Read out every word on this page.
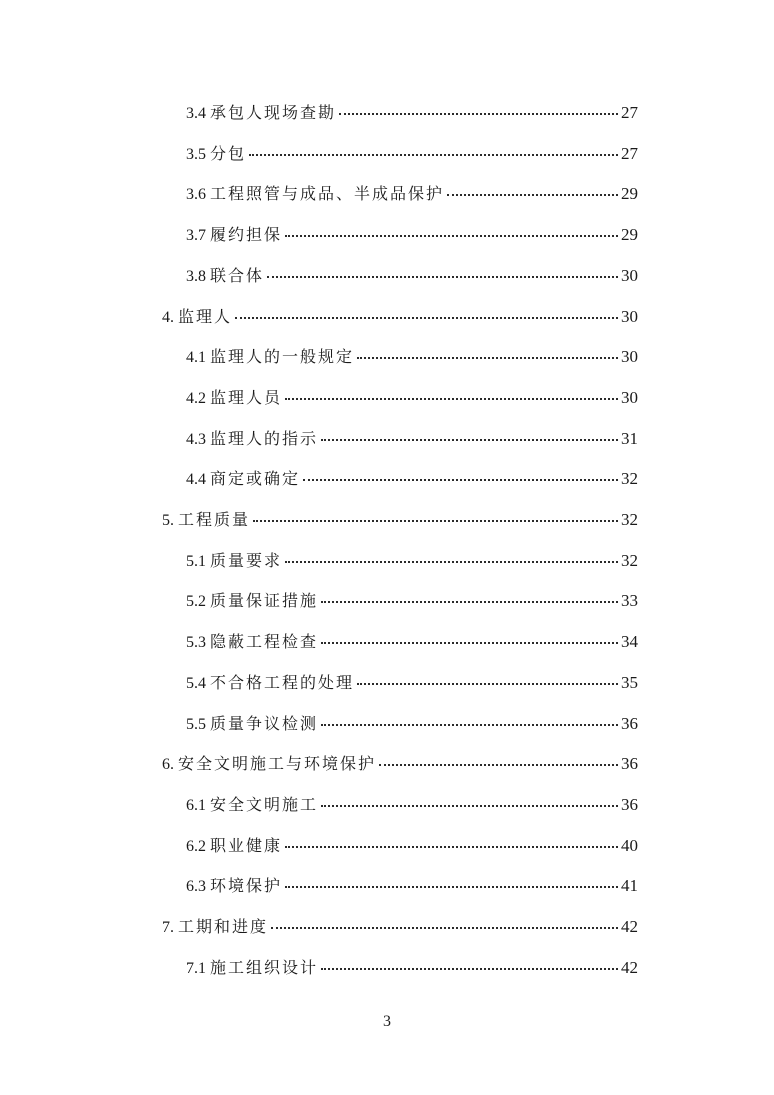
3.4 承包人现场查勘	27
3.5 分包	27
3.6 工程照管与成品、半成品保护	29
3.7 履约担保	29
3.8 联合体	30
4. 监理人	30
4.1 监理人的一般规定	30
4.2 监理人员	30
4.3 监理人的指示	31
4.4 商定或确定	32
5. 工程质量	32
5.1 质量要求	32
5.2 质量保证措施	33
5.3 隐蔽工程检查	34
5.4 不合格工程的处理	35
5.5 质量争议检测	36
6. 安全文明施工与环境保护	36
6.1 安全文明施工	36
6.2 职业健康	40
6.3 环境保护	41
7. 工期和进度	42
7.1 施工组织设计	42
3
